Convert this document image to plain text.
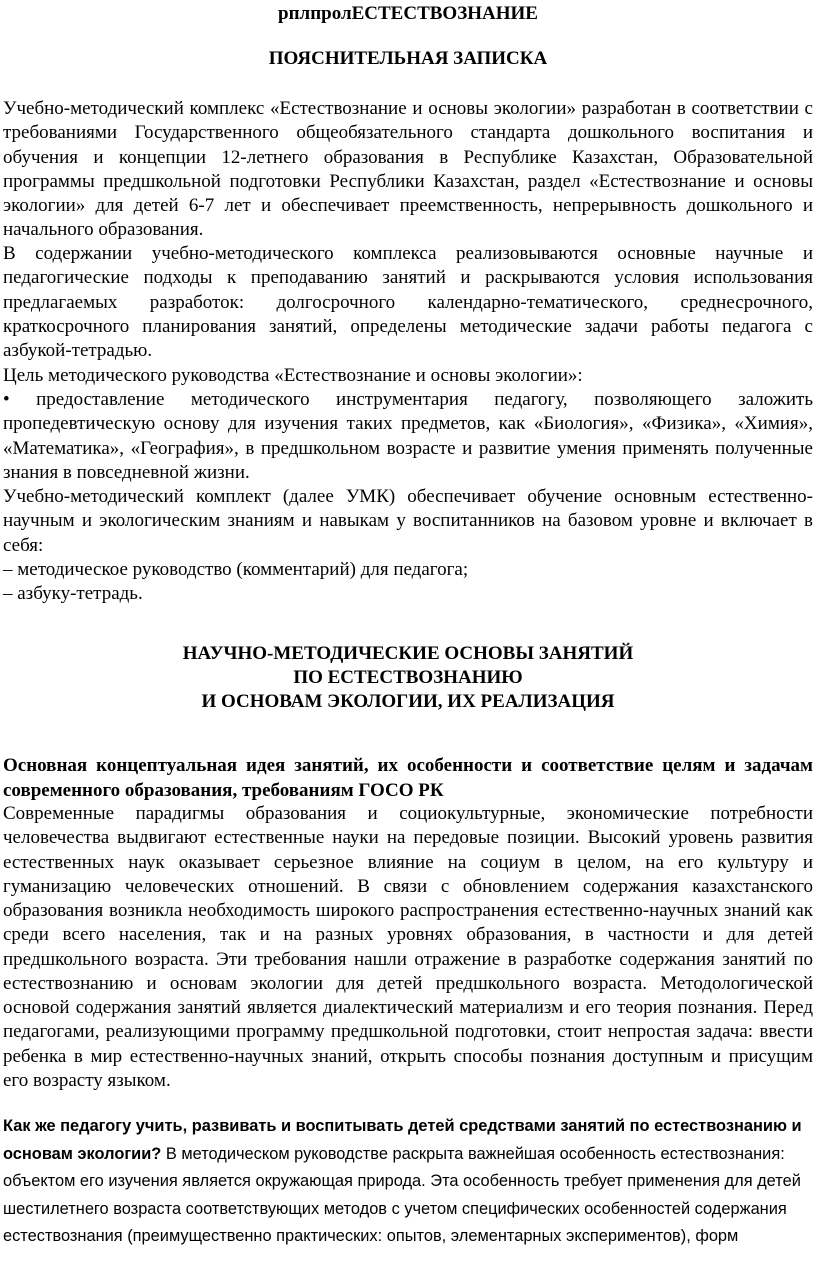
рплпролЕСТЕСТВОЗНАНИЕ
ПОЯСНИТЕЛЬНАЯ ЗАПИСКА

Учебно-методический комплекс «Естествознание и основы экологии» разработан в соответствии с требованиями Государственного общеобязательного стандарта дошкольного воспитания и обучения и концепции 12-летнего образования в Республике Казахстан, Образовательной программы предшкольной подготовки Республики Казахстан, раздел «Естествознание и основы экологии» для детей 6-7 лет и обеспечивает преемственность, непрерывность дошкольного и начального образования.

В содержании учебно-методического комплекса реализовываются основные научные и педагогические подходы к преподаванию занятий и раскрываются условия использования предлагаемых разработок: долгосрочного календарно-тематического, среднесрочного, краткосрочного планирования занятий, определены методические задачи работы педагога с азбукой-тетрадью.

Цель методического руководства «Естествознание и основы экологии»:

• предоставление методического инструментария педагогу, позволяющего заложить пропедевтическую основу для изучения таких предметов, как «Биология», «Физика», «Химия», «Математика», «География», в предшкольном возрасте и развитие умения применять полученные знания в повседневной жизни.

Учебно-методический комплект (далее УМК) обеспечивает обучение основным естественно-научным и экологическим знаниям и навыкам у воспитанников на базовом уровне и включает в себя:

– методическое руководство (комментарий) для педагога;

– азбуку-тетрадь.

НАУЧНО-МЕТОДИЧЕСКИЕ ОСНОВЫ ЗАНЯТИЙ
ПО ЕСТЕСТВОЗНАНИЮ
И ОСНОВАМ ЭКОЛОГИИ, ИХ РЕАЛИЗАЦИЯ
Основная концептуальная идея занятий, их особенности и соответствие целям и задачам современного образования, требованиям ГОСО РК

Современные парадигмы образования и социокультурные, экономические потребности человечества выдвигают естественные науки на передовые позиции. Высокий уровень развития естественных наук оказывает серьезное влияние на социум в целом, на его культуру и гуманизацию человеческих отношений. В связи с обновлением содержания казахстанского образования возникла необходимость широкого распространения естественно-научных знаний как среди всего населения, так и на разных уровнях образования, в частности и для детей предшкольного возраста. Эти требования нашли отражение в разработке содержания занятий по естествознанию и основам экологии для детей предшкольного возраста. Методологической основой содержания занятий является диалектический материализм и его теория познания. Перед педагогами, реализующими программу предшкольной подготовки, стоит непростая задача: ввести ребенка в мир естественно-научных знаний, открыть способы познания доступным и присущим его возрасту языком.

Как же педагогу учить, развивать и воспитывать детей средствами занятий по естествознанию и основам экологии? В методическом руководстве раскрыта важнейшая особенность естествознания: объектом его изучения является окружающая природа. Эта особенность требует применения для детей шестилетнего возраста соответствующих методов с учетом специфических особенностей содержания естествознания (преимущественно практических: опытов, элементарных экспериментов), форм
